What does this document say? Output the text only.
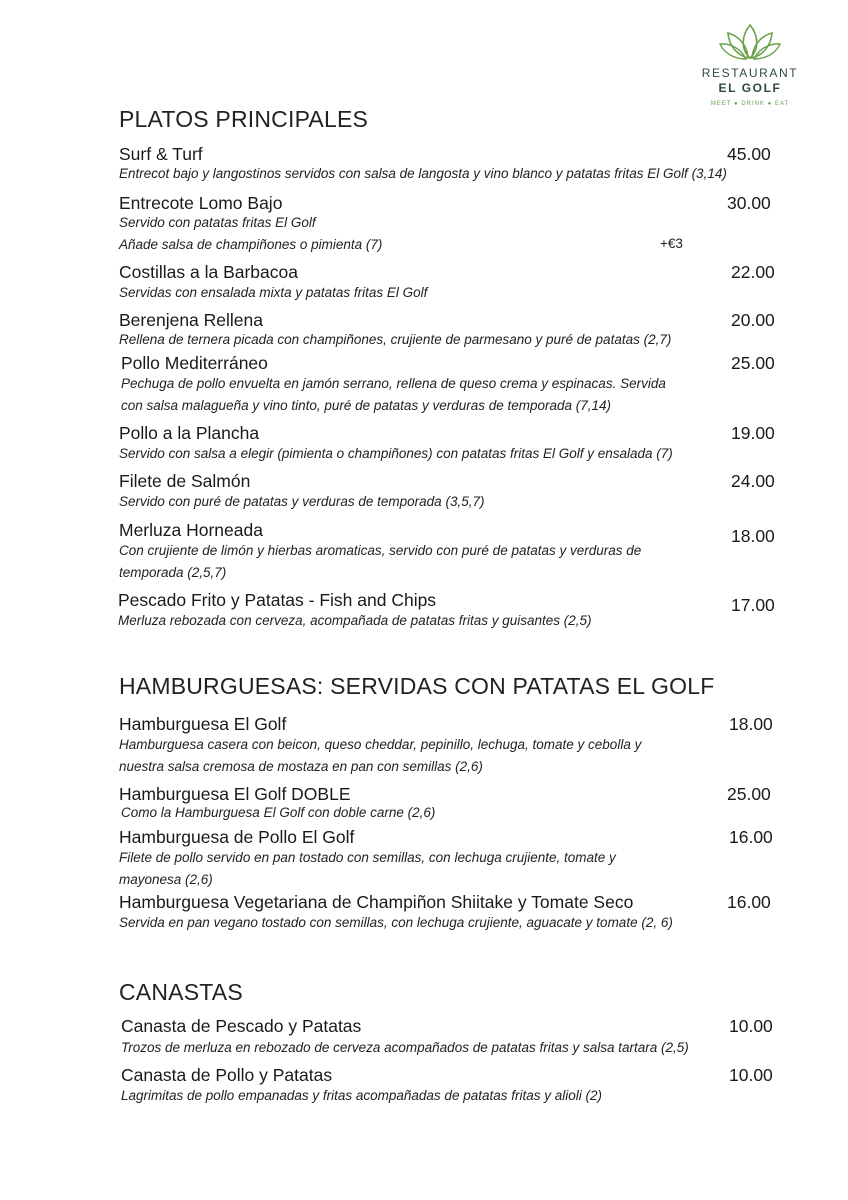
RESTAURANT
EL GOLF
MEET ● DRINK ● EAT
PLATOS PRINCIPALES
Surf & Turf	45.00
Entrecot bajo y langostinos servidos con salsa de langosta y vino blanco y patatas fritas El Golf (3,14)
Entrecote Lomo Bajo	30.00
Servido con patatas fritas El Golf
Añade salsa de champiñones o pimienta (7)	+€3
Costillas a la Barbacoa	22.00
Servidas con ensalada mixta y patatas fritas El Golf
Berenjena Rellena	20.00
Rellena de ternera picada con champiñones, crujiente de parmesano y puré de patatas (2,7)
Pollo Mediterráneo	25.00
Pechuga de pollo envuelta en jamón serrano, rellena de queso crema y espinacas. Servida
con salsa malagueña y vino tinto, puré de patatas y verduras de temporada (7,14)
Pollo a la Plancha	19.00
Servido con salsa a elegir (pimienta o champiñones) con patatas fritas El Golf y ensalada (7)
Filete de Salmón	24.00
Servido con puré de patatas y verduras de temporada (3,5,7)
Merluza Horneada	18.00
Con crujiente de limón y hierbas aromaticas, servido con puré de patatas y verduras de
temporada (2,5,7)
Pescado Frito y Patatas - Fish and Chips	17.00
Merluza rebozada con cerveza, acompañada de patatas fritas y guisantes (2,5)
HAMBURGUESAS: SERVIDAS CON PATATAS EL GOLF
Hamburguesa El Golf	18.00
Hamburguesa casera con beicon, queso cheddar, pepinillo, lechuga, tomate y cebolla y
nuestra salsa cremosa de mostaza en pan con semillas (2,6)
Hamburguesa El Golf DOBLE	25.00
Como la Hamburguesa El Golf con doble carne (2,6)
Hamburguesa de Pollo El Golf	16.00
Filete de pollo servido en pan tostado con semillas, con lechuga crujiente, tomate y
mayonesa (2,6)
Hamburguesa Vegetariana de Champiñon Shiitake y Tomate Seco	16.00
Servida en pan vegano tostado con semillas, con lechuga crujiente, aguacate y tomate (2, 6)
CANASTAS
Canasta de Pescado y Patatas	10.00
Trozos de merluza en rebozado de cerveza acompañados de patatas fritas y salsa tartara (2,5)
Canasta de Pollo y Patatas	10.00
Lagrimitas de pollo empanadas y fritas acompañadas de patatas fritas y alioli (2)
